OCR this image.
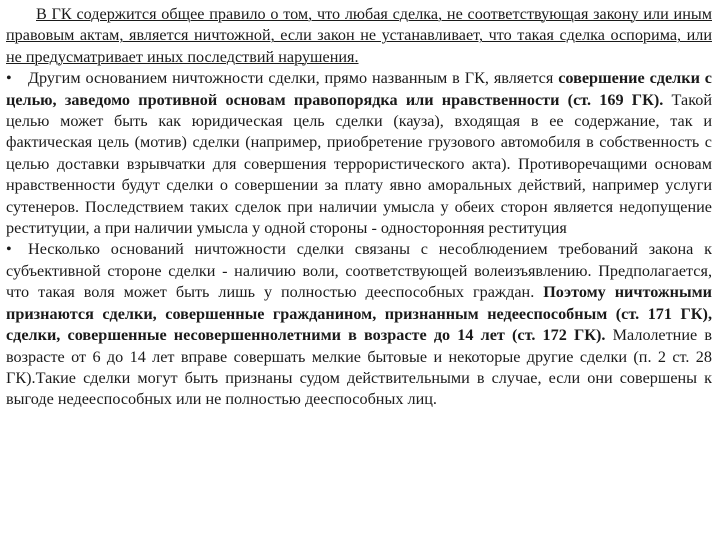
В ГК содержится общее правило о том, что любая сделка, не соответствующая закону или иным правовым актам, является ничтожной, если закон не устанавливает, что такая сделка оспорима, или не предусматривает иных последствий нарушения.

• Другим основанием ничтожности сделки, прямо названным в ГК, является совершение сделки с целью, заведомо противной основам правопорядка или нравственности (ст. 169 ГК). Такой целью может быть как юридическая цель сделки (кауза), входящая в ее содержание, так и фактическая цель (мотив) сделки (например, приобретение грузового автомобиля в собственность с целью доставки взрывчатки для совершения террористического акта). Противоречащими основам нравственности будут сделки о совершении за плату явно аморальных действий, например услуги сутенеров. Последствием таких сделок при наличии умысла у обеих сторон является недопущение реституции, а при наличии умысла у одной стороны - односторонняя реституция

• Несколько оснований ничтожности сделки связаны с несоблюдением требований закона к субъективной стороне сделки - наличию воли, соответствующей волеизъявлению. Предполагается, что такая воля может быть лишь у полностью дееспособных граждан. Поэтому ничтожными признаются сделки, совершенные гражданином, признанным недееспособным (ст. 171 ГК), сделки, совершенные несовершеннолетними в возрасте до 14 лет (ст. 172 ГК). Малолетние в возрасте от 6 до 14 лет вправе совершать мелкие бытовые и некоторые другие сделки (п. 2 ст. 28 ГК).Такие сделки могут быть признаны судом действительными в случае, если они совершены к выгоде недееспособных или не полностью дееспособных лиц.
